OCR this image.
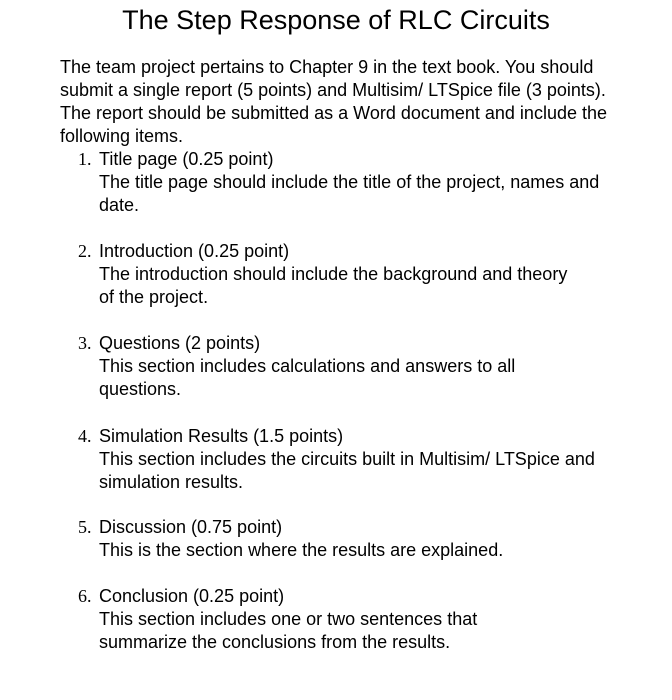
The Step Response of RLC Circuits
The team project pertains to Chapter 9 in the text book. You should submit a single report (5 points) and Multisim/ LTSpice file (3 points). The report should be submitted as a Word document and include the following items.
1. Title page (0.25 point)
The title page should include the title of the project, names and date.
2. Introduction (0.25 point)
The introduction should include the background and theory of the project.
3. Questions (2 points)
This section includes calculations and answers to all questions.
4. Simulation Results (1.5 points)
This section includes the circuits built in Multisim/ LTSpice and simulation results.
5. Discussion (0.75 point)
This is the section where the results are explained.
6. Conclusion (0.25 point)
This section includes one or two sentences that summarize the conclusions from the results.
